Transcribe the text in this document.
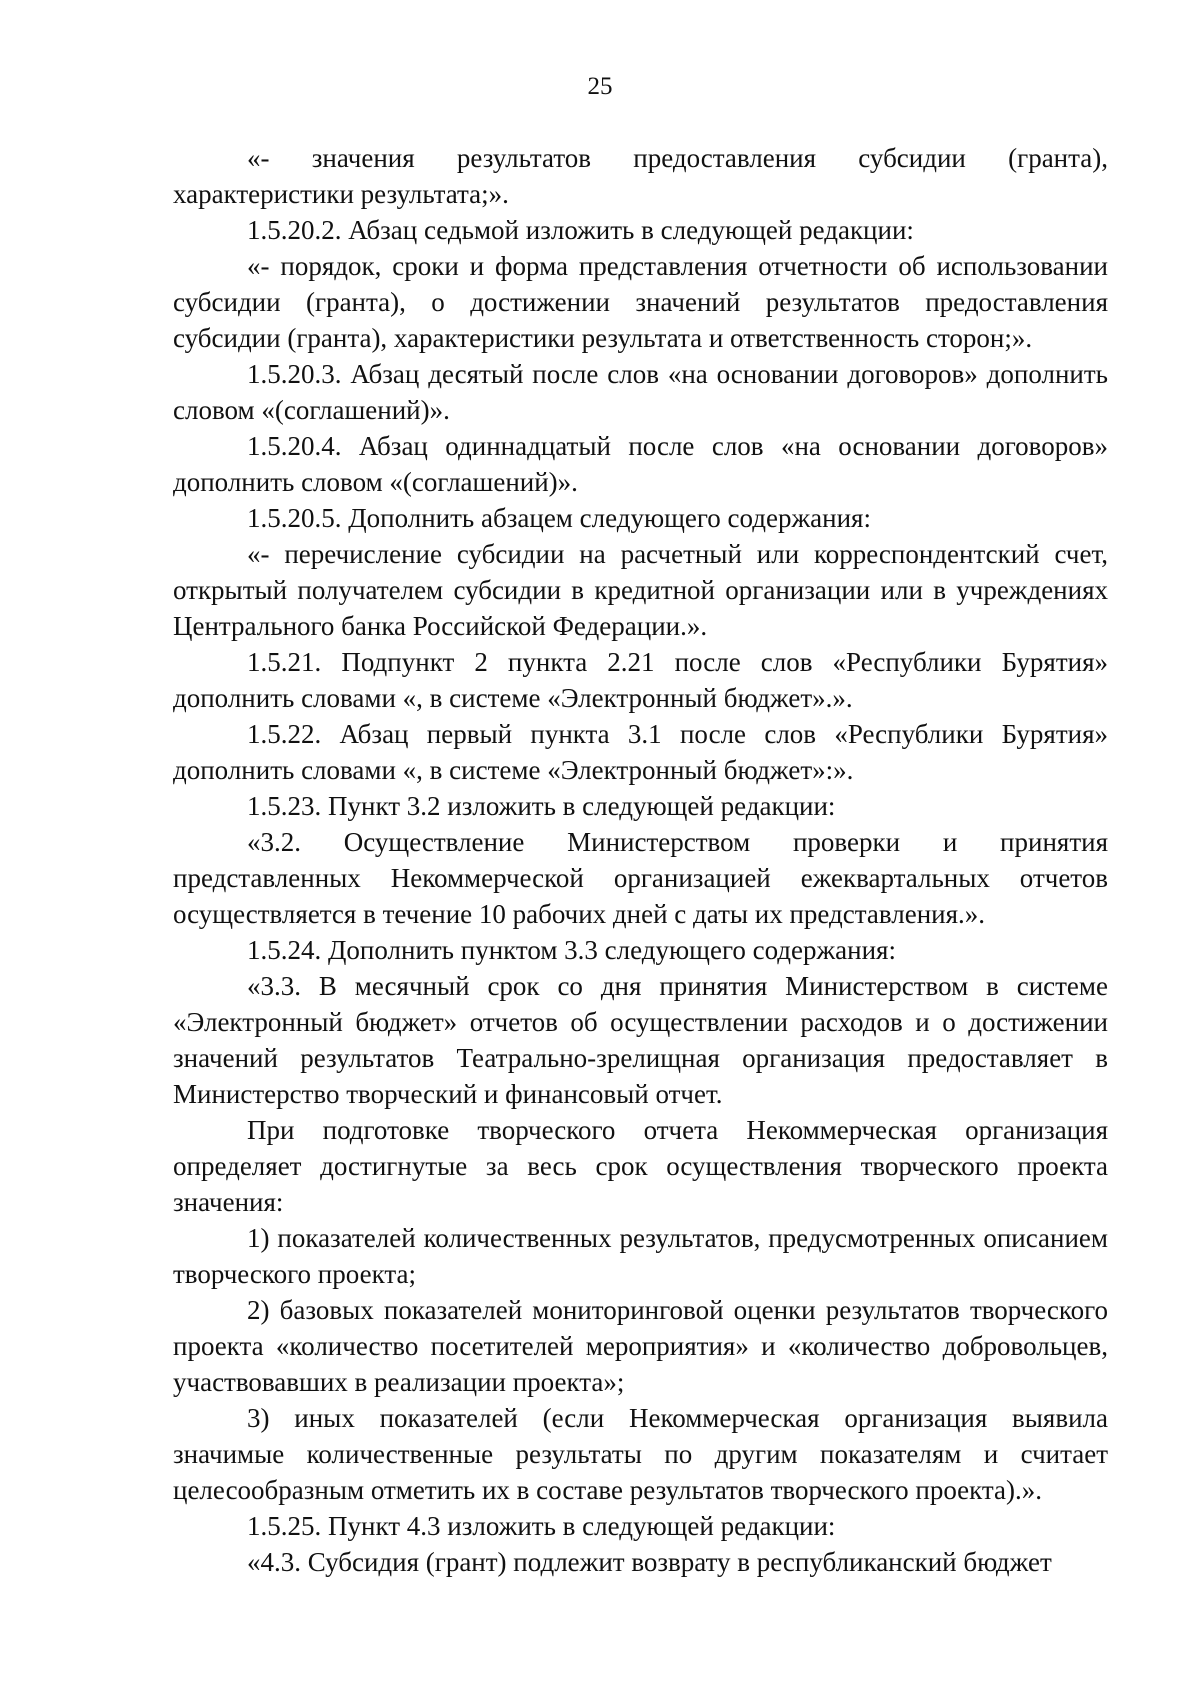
25

«- значения результатов предоставления субсидии (гранта), характеристики результата;».

1.5.20.2. Абзац седьмой изложить в следующей редакции:

«- порядок, сроки и форма представления отчетности об использовании субсидии (гранта), о достижении значений результатов предоставления субсидии (гранта), характеристики результата и ответственность сторон;».

1.5.20.3. Абзац десятый после слов «на основании договоров» дополнить словом «(соглашений)».

1.5.20.4. Абзац одиннадцатый после слов «на основании договоров» дополнить словом «(соглашений)».

1.5.20.5. Дополнить абзацем следующего содержания:

«- перечисление субсидии на расчетный или корреспондентский счет, открытый получателем субсидии в кредитной организации или в учреждениях Центрального банка Российской Федерации.».

1.5.21. Подпункт 2 пункта 2.21 после слов «Республики Бурятия» дополнить словами «, в системе «Электронный бюджет».».

1.5.22. Абзац первый пункта 3.1 после слов «Республики Бурятия» дополнить словами «, в системе «Электронный бюджет»:».

1.5.23. Пункт 3.2 изложить в следующей редакции:

«3.2. Осуществление Министерством проверки и принятия представленных Некоммерческой организацией ежеквартальных отчетов осуществляется в течение 10 рабочих дней с даты их представления.».

1.5.24. Дополнить пунктом 3.3 следующего содержания:

«3.3. В месячный срок со дня принятия Министерством в системе «Электронный бюджет» отчетов об осуществлении расходов и о достижении значений результатов Театрально-зрелищная организация предоставляет в Министерство творческий и финансовый отчет.

При подготовке творческого отчета Некоммерческая организация определяет достигнутые за весь срок осуществления творческого проекта значения:

1) показателей количественных результатов, предусмотренных описанием творческого проекта;

2) базовых показателей мониторинговой оценки результатов творческого проекта «количество посетителей мероприятия» и «количество добровольцев, участвовавших в реализации проекта»;

3) иных показателей (если Некоммерческая организация выявила значимые количественные результаты по другим показателям и считает целесообразным отметить их в составе результатов творческого проекта).».

1.5.25. Пункт 4.3 изложить в следующей редакции:

«4.3. Субсидия (грант) подлежит возврату в республиканский бюджет
